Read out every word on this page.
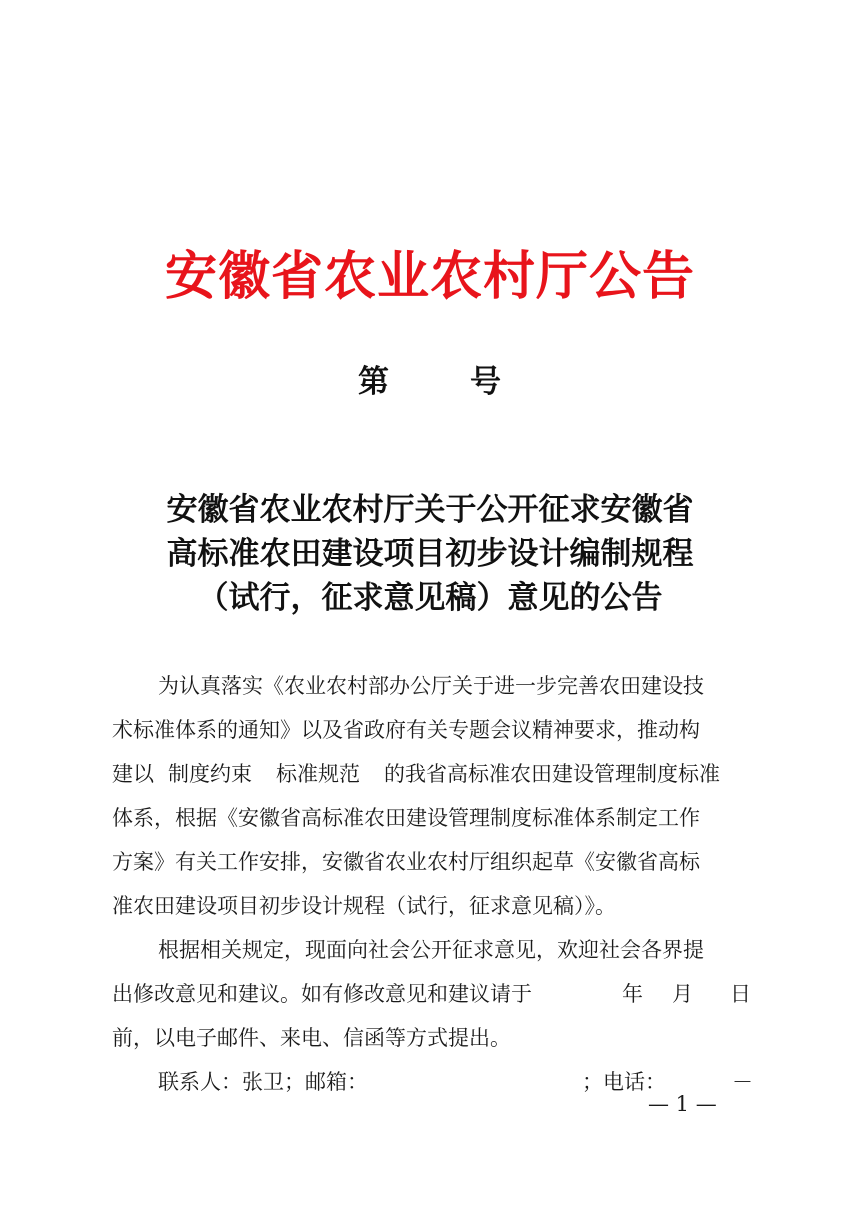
安徽省农业农村厅公告
第	号
安徽省农业农村厅关于公开征求安徽省
高标准农田建设项目初步设计编制规程
（试行，征求意见稿）意见的公告
为认真落实《农业农村部办公厅关于进一步完善农田建设技
术标准体系的通知》以及省政府有关专题会议精神要求，推动构
建以 制度约束 标准规范 的我省高标准农田建设管理制度标准
体系，根据《安徽省高标准农田建设管理制度标准体系制定工作
方案》有关工作安排，安徽省农业农村厅组织起草《安徽省高标
准农田建设项目初步设计规程（试行，征求意见稿）》。
根据相关规定，现面向社会公开征求意见，欢迎社会各界提
出修改意见和建议。如有修改意见和建议请于	年 月 日
前，以电子邮件、来电、信函等方式提出。
联系人：张卫；邮箱：	；电话：	－
— 1 —
